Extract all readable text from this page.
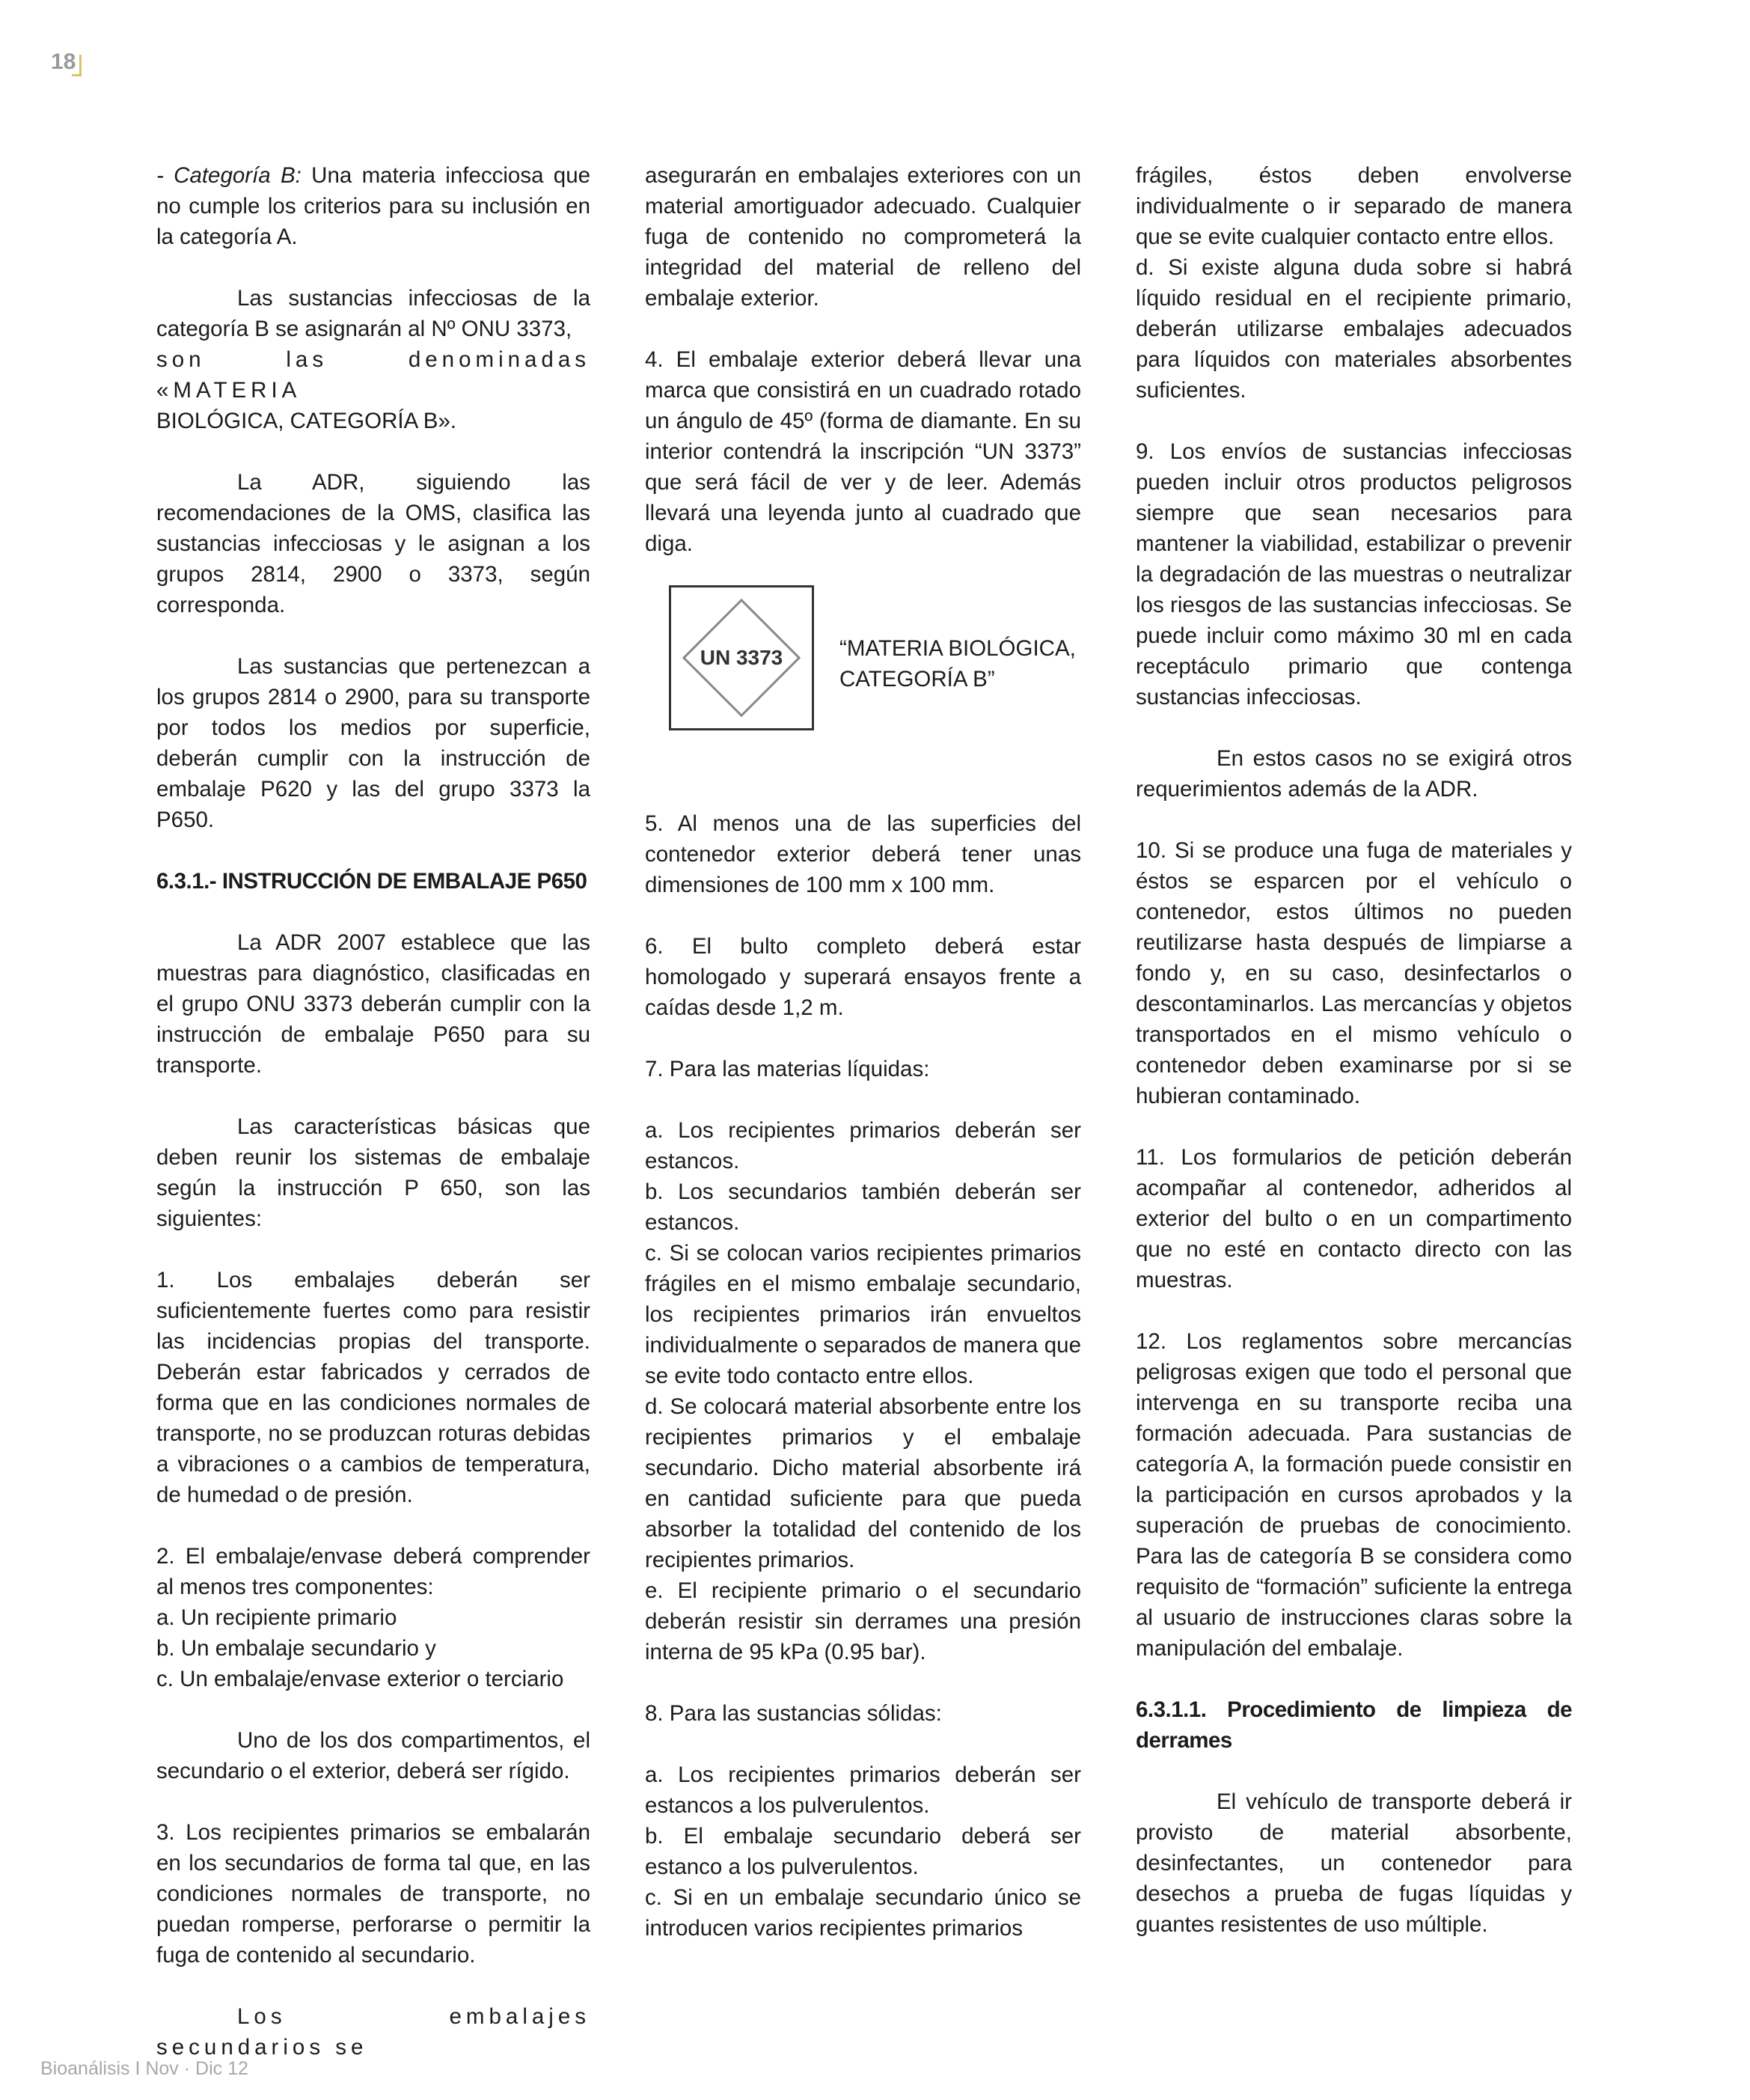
18

- Categoría B: Una materia infecciosa que no cumple los criterios para su inclusión en la categoría A.

Las sustancias infecciosas de la categoría B se asignarán al Nº ONU 3373,

son las denominadas «MATERIA

BIOLÓGICA, CATEGORÍA B».

La ADR, siguiendo las recomendaciones de la OMS, clasifica las sustancias infecciosas y le asignan a los grupos 2814, 2900 o 3373, según corresponda.

Las sustancias que pertenezcan a los grupos 2814 o 2900, para su transporte por todos los medios por superficie, deberán cumplir con la instrucción de embalaje P620 y las del grupo 3373 la P650.

6.3.1.- INSTRUCCIÓN DE EMBALAJE P650

La ADR 2007 establece que las muestras para diagnóstico, clasificadas en el grupo ONU 3373 deberán cumplir con la instrucción de embalaje P650 para su transporte.

Las características básicas que deben reunir los sistemas de embalaje según la instrucción P 650, son las siguientes:

1. Los embalajes deberán ser suficientemente fuertes como para resistir las incidencias propias del transporte. Deberán estar fabricados y cerrados de forma que en las condiciones normales de transporte, no se produzcan roturas debidas a vibraciones o a cambios de temperatura, de humedad o de presión.

2. El embalaje/envase deberá comprender al menos tres componentes:

a. Un recipiente primario

b. Un embalaje secundario y

c. Un embalaje/envase exterior o terciario

Uno de los dos compartimentos, el secundario o el exterior, deberá ser rígido.

3. Los recipientes primarios se embalarán en los secundarios de forma tal que, en las condiciones normales de transporte, no puedan romperse, perforarse o permitir la fuga de contenido al secundario.

Los embalajes secundarios se

asegurarán en embalajes exteriores con un material amortiguador adecuado. Cualquier fuga de contenido no comprometerá la integridad del material de relleno del embalaje exterior.

4. El embalaje exterior deberá llevar una marca que consistirá en un cuadrado rotado un ángulo de 45º (forma de diamante. En su interior contendrá la inscripción “UN 3373” que será fácil de ver y de leer. Además llevará una leyenda junto al cuadrado que diga.

UN 3373	“MATERIA BIOLÓGICA,
CATEGORÍA B”

5. Al menos una de las superficies del contenedor exterior deberá tener unas dimensiones de 100 mm x 100 mm.

6. El bulto completo deberá estar homologado y superará ensayos frente a caídas desde 1,2 m.

7. Para las materias líquidas:

a. Los recipientes primarios deberán ser estancos.

b. Los secundarios también deberán ser estancos.

c. Si se colocan varios recipientes primarios frágiles en el mismo embalaje secundario, los recipientes primarios irán envueltos individualmente o separados de manera que se evite todo contacto entre ellos.

d. Se colocará material absorbente entre los recipientes primarios y el embalaje secundario. Dicho material absorbente irá en cantidad suficiente para que pueda absorber la totalidad del contenido de los recipientes primarios.

e. El recipiente primario o el secundario deberán resistir sin derrames una presión interna de 95 kPa (0.95 bar).

8. Para las sustancias sólidas:

a. Los recipientes primarios deberán ser estancos a los pulverulentos.

b. El embalaje secundario deberá ser estanco a los pulverulentos.

c. Si en un embalaje secundario único se introducen varios recipientes primarios

frágiles, éstos deben envolverse individualmente o ir separado de manera que se evite cualquier contacto entre ellos.

d. Si existe alguna duda sobre si habrá líquido residual en el recipiente primario, deberán utilizarse embalajes adecuados para líquidos con materiales absorbentes suficientes.

9. Los envíos de sustancias infecciosas pueden incluir otros productos peligrosos siempre que sean necesarios para mantener la viabilidad, estabilizar o prevenir la degradación de las muestras o neutralizar los riesgos de las sustancias infecciosas. Se puede incluir como máximo 30 ml en cada receptáculo primario que contenga sustancias infecciosas.

En estos casos no se exigirá otros requerimientos además de la ADR.

10. Si se produce una fuga de materiales y éstos se esparcen por el vehículo o contenedor, estos últimos no pueden reutilizarse hasta después de limpiarse a fondo y, en su caso, desinfectarlos o descontaminarlos. Las mercancías y objetos transportados en el mismo vehículo o contenedor deben examinarse por si se hubieran contaminado.

11. Los formularios de petición deberán acompañar al contenedor, adheridos al exterior del bulto o en un compartimento que no esté en contacto directo con las muestras.

12. Los reglamentos sobre mercancías peligrosas exigen que todo el personal que intervenga en su transporte reciba una formación adecuada. Para sustancias de categoría A, la formación puede consistir en la participación en cursos aprobados y la superación de pruebas de conocimiento. Para las de categoría B se considera como requisito de “formación” suficiente la entrega al usuario de instrucciones claras sobre la manipulación del embalaje.

6.3.1.1. Procedimiento de limpieza de derrames

El vehículo de transporte deberá ir provisto de material absorbente, desinfectantes, un contenedor para desechos a prueba de fugas líquidas y guantes resistentes de uso múltiple.

Bioanálisis I Nov · Dic 12
